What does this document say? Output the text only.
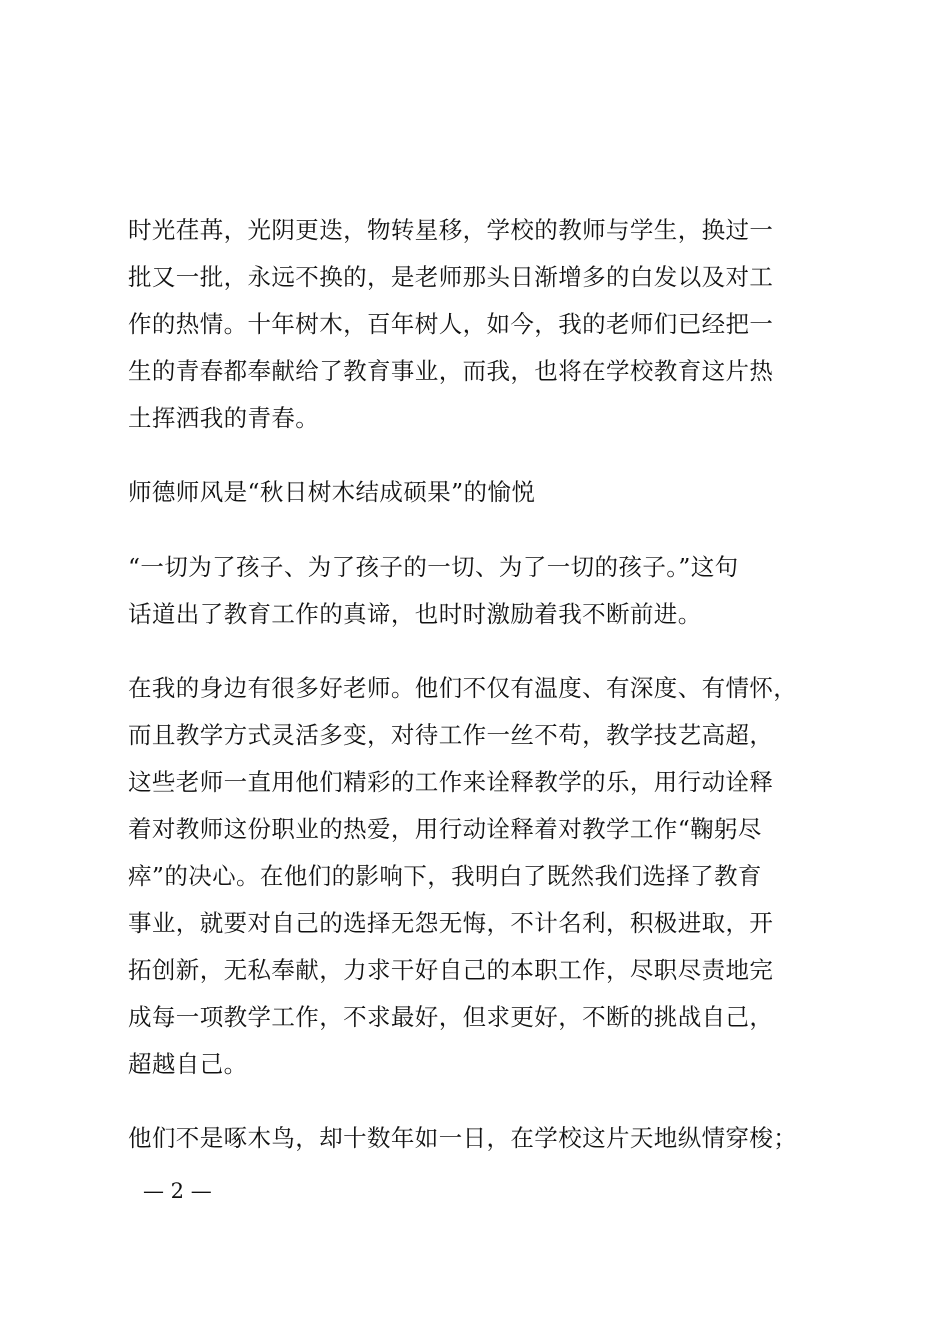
时光荏苒，光阴更迭，物转星移，学校的教师与学生，换过一
批又一批，永远不换的，是老师那头日渐增多的白发以及对工
作的热情。十年树木，百年树人，如今，我的老师们已经把一
生的青春都奉献给了教育事业，而我，也将在学校教育这片热
土挥洒我的青春。
师德师风是“秋日树木结成硕果”的愉悦
“一切为了孩子、为了孩子的一切、为了一切的孩子。”这句
话道出了教育工作的真谛，也时时激励着我不断前进。
在我的身边有很多好老师。他们不仅有温度、有深度、有情怀，
而且教学方式灵活多变，对待工作一丝不苟，教学技艺高超，
这些老师一直用他们精彩的工作来诠释教学的乐，用行动诠释
着对教师这份职业的热爱，用行动诠释着对教学工作“鞠躬尽
瘁”的决心。在他们的影响下，我明白了既然我们选择了教育
事业，就要对自己的选择无怨无悔，不计名利，积极进取，开
拓创新，无私奉献，力求干好自己的本职工作，尽职尽责地完
成每一项教学工作，不求最好，但求更好，不断的挑战自己，
超越自己。
他们不是啄木鸟，却十数年如一日，在学校这片天地纵情穿梭；
— 2 —
